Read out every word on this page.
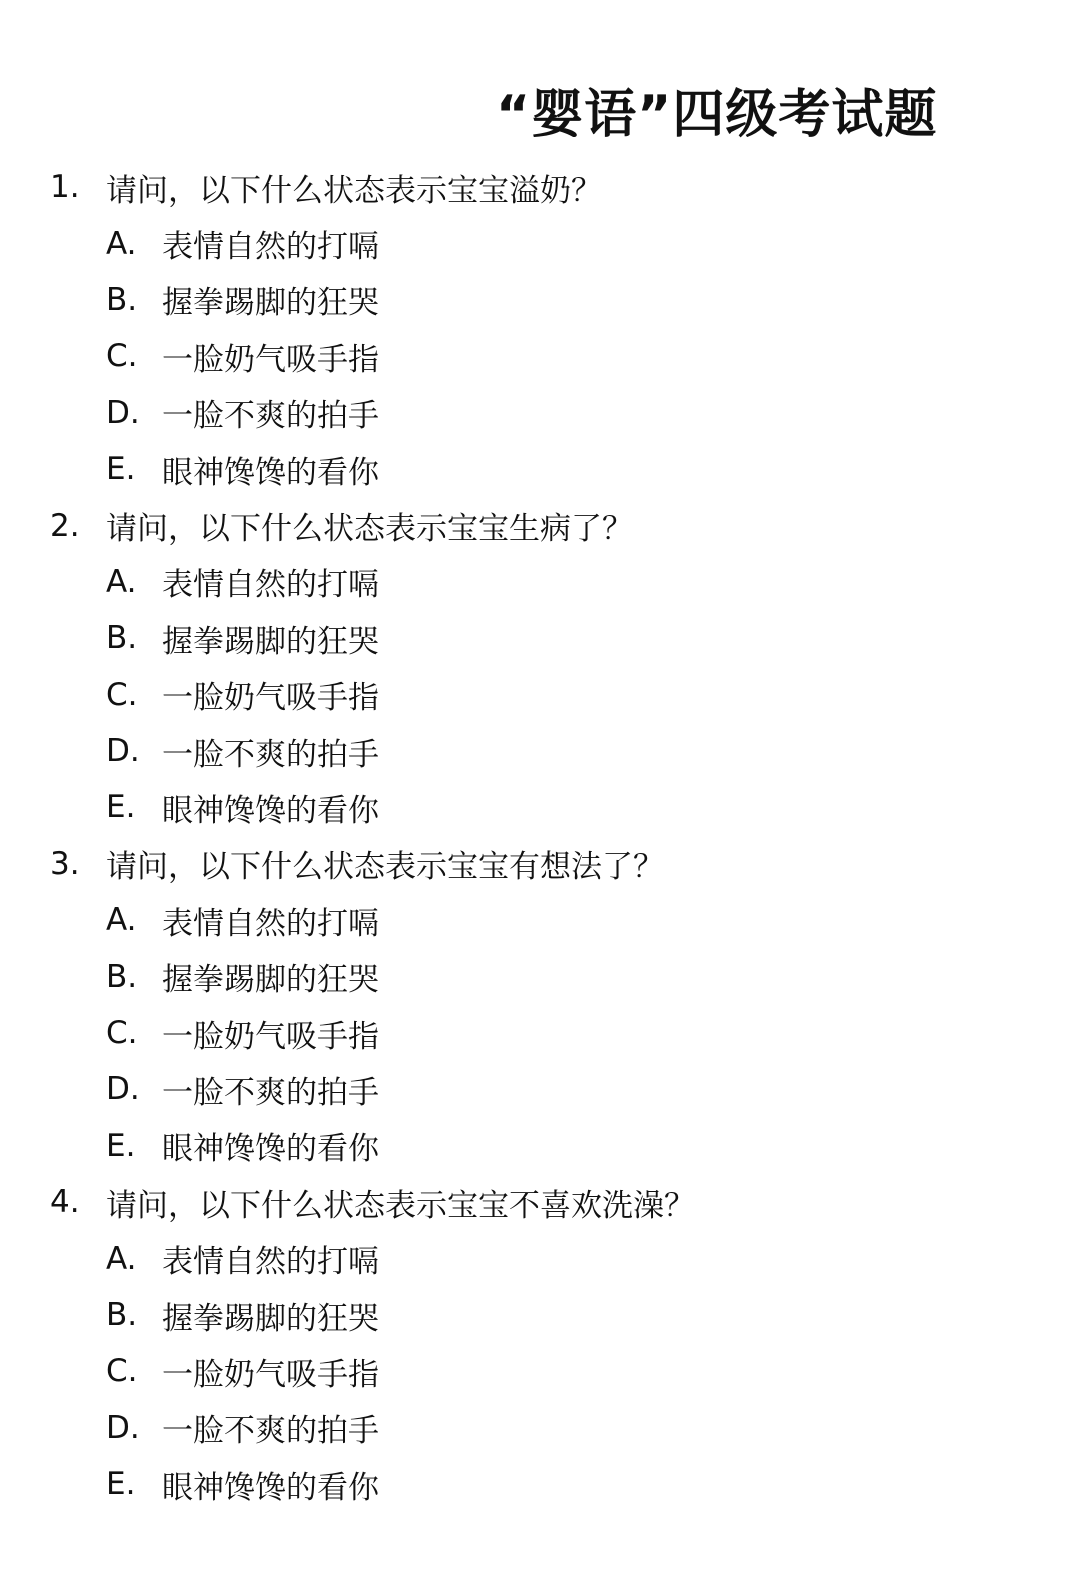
“婴语”四级考试题
1. 请问，以下什么状态表示宝宝溢奶？
A. 表情自然的打嗝
B. 握拳踢脚的狂哭
C. 一脸奶气吸手指
D. 一脸不爽的拍手
E. 眼神馋馋的看你
2. 请问，以下什么状态表示宝宝生病了？
A. 表情自然的打嗝
B. 握拳踢脚的狂哭
C. 一脸奶气吸手指
D. 一脸不爽的拍手
E. 眼神馋馋的看你
3. 请问，以下什么状态表示宝宝有想法了？
A. 表情自然的打嗝
B. 握拳踢脚的狂哭
C. 一脸奶气吸手指
D. 一脸不爽的拍手
E. 眼神馋馋的看你
4. 请问，以下什么状态表示宝宝不喜欢洗澡？
A. 表情自然的打嗝
B. 握拳踢脚的狂哭
C. 一脸奶气吸手指
D. 一脸不爽的拍手
E. 眼神馋馋的看你
